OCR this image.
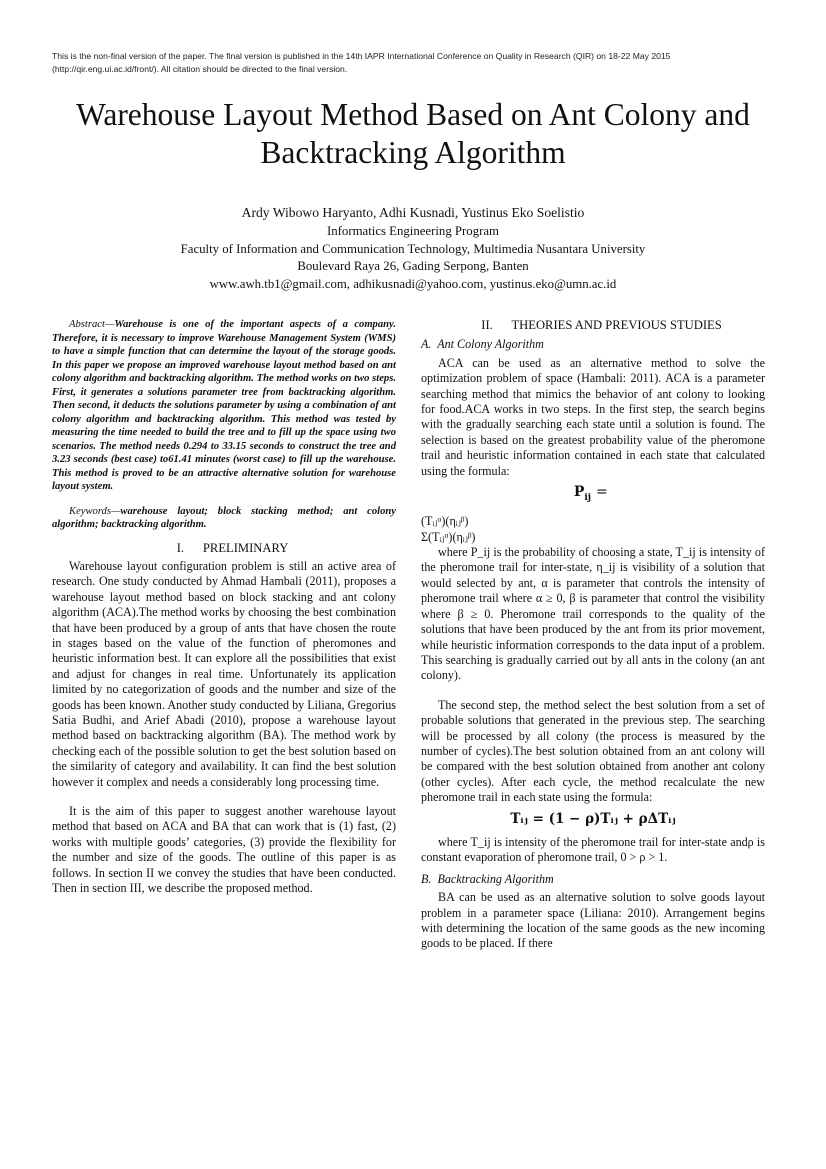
This is the non-final version of the paper. The final version is published in the 14th IAPR International Conference on Quality in Research (QIR) on 18-22 May 2015 (http://qir.eng.ui.ac.id/front/). All citation should be directed to the final version.
Warehouse Layout Method Based on Ant Colony and Backtracking Algorithm
Ardy Wibowo Haryanto, Adhi Kusnadi, Yustinus Eko Soelistio
Informatics Engineering Program
Faculty of Information and Communication Technology, Multimedia Nusantara University
Boulevard Raya 26, Gading Serpong, Banten
www.awh.tb1@gmail.com, adhikusnadi@yahoo.com, yustinus.eko@umn.ac.id

Abstract—Warehouse is one of the important aspects of a company. Therefore, it is necessary to improve Warehouse Management System (WMS) to have a simple function that can determine the layout of the storage goods. In this paper we propose an improved warehouse layout method based on ant colony algorithm and backtracking algorithm. The method works on two steps. First, it generates a solutions parameter tree from backtracking algorithm. Then second, it deducts the solutions parameter by using a combination of ant colony algorithm and backtracking algorithm. This method was tested by measuring the time needed to build the tree and to fill up the space using two scenarios. The method needs 0.294 to 33.15 seconds to construct the tree and 3.23 seconds (best case) to61.41 minutes (worst case) to fill up the warehouse. This method is proved to be an attractive alternative solution for warehouse layout system.

Keywords—warehouse layout; block stacking method; ant colony algorithm; backtracking algorithm.

I.      PRELIMINARY

Warehouse layout configuration problem is still an active area of research. One study conducted by Ahmad Hambali (2011), proposes a warehouse layout method based on block stacking and ant colony algorithm (ACA).The method works by choosing the best combination that have been produced by a group of ants that have chosen the route in stages based on the value of the function of pheromones and heuristic information best. It can explore all the possibilities that exist and adjust for changes in real time. Unfortunately its application limited by no categorization of goods and the number and size of the goods has been known. Another study conducted by Liliana, Gregorius Satia Budhi, and Arief Abadi (2010), propose a warehouse layout method based on backtracking algorithm (BA). The method work by checking each of the possible solution to get the best solution based on the similarity of category and availability. It can find the best solution however it complex and needs a considerably long processing time.

It is the aim of this paper to suggest another warehouse layout method that based on ACA and BA that can work that is (1) fast, (2) works with multiple goods’ categories, (3) provide the flexibility for the number and size of the goods. The outline of this paper is as follows. In section II we convey the studies that have been conducted. Then in section III, we describe the proposed method.

II.      THEORIES AND PREVIOUS STUDIES

A.  Ant Colony Algorithm

ACA can be used as an alternative method to solve the optimization problem of space (Hambali: 2011). ACA is a parameter searching method that mimics the behavior of ant colony to looking for food.ACA works in two steps. In the first step, the search begins with the gradually searching each state until a solution is found. The selection is based on the greatest probability value of the pheromone trail and heuristic information contained in each state that calculated using the formula:

$P_{ij}$ =

(Tᵢⱼᵅ)(ηᵢⱼᵝ)
Σ(Tᵢⱼᵅ)(ηᵢⱼᵝ)

where P_ij is the probability of choosing a state, T_ij is intensity of the pheromone trail for inter-state, η_ij is visibility of a solution that would selected by ant, α is parameter that controls the intensity of pheromone trail where α ≥ 0, β is parameter that control the visibility where β ≥ 0. Pheromone trail corresponds to the quality of the solutions that have been produced by the ant from its prior movement, while heuristic information corresponds to the data input of a problem. This searching is gradually carried out by all ants in the colony (an ant colony).

The second step, the method select the best solution from a set of probable solutions that generated in the previous step. The searching will be processed by all colony (the process is measured by the number of cycles).The best solution obtained from an ant colony will be compared with the best solution obtained from another ant colony (other cycles). After each cycle, the method recalculate the new pheromone trail in each state using the formula:

Tᵢⱼ = (1 − ρ)Tᵢⱼ + ρΔTᵢⱼ

where T_ij is intensity of the pheromone trail for inter-state andρ is constant evaporation of pheromone trail, 0 > ρ > 1.

B.  Backtracking Algorithm

BA can be used as an alternative solution to solve goods layout problem in a parameter space (Liliana: 2010). Arrangement begins with determining the location of the same goods as the new incoming goods to be placed. If there
